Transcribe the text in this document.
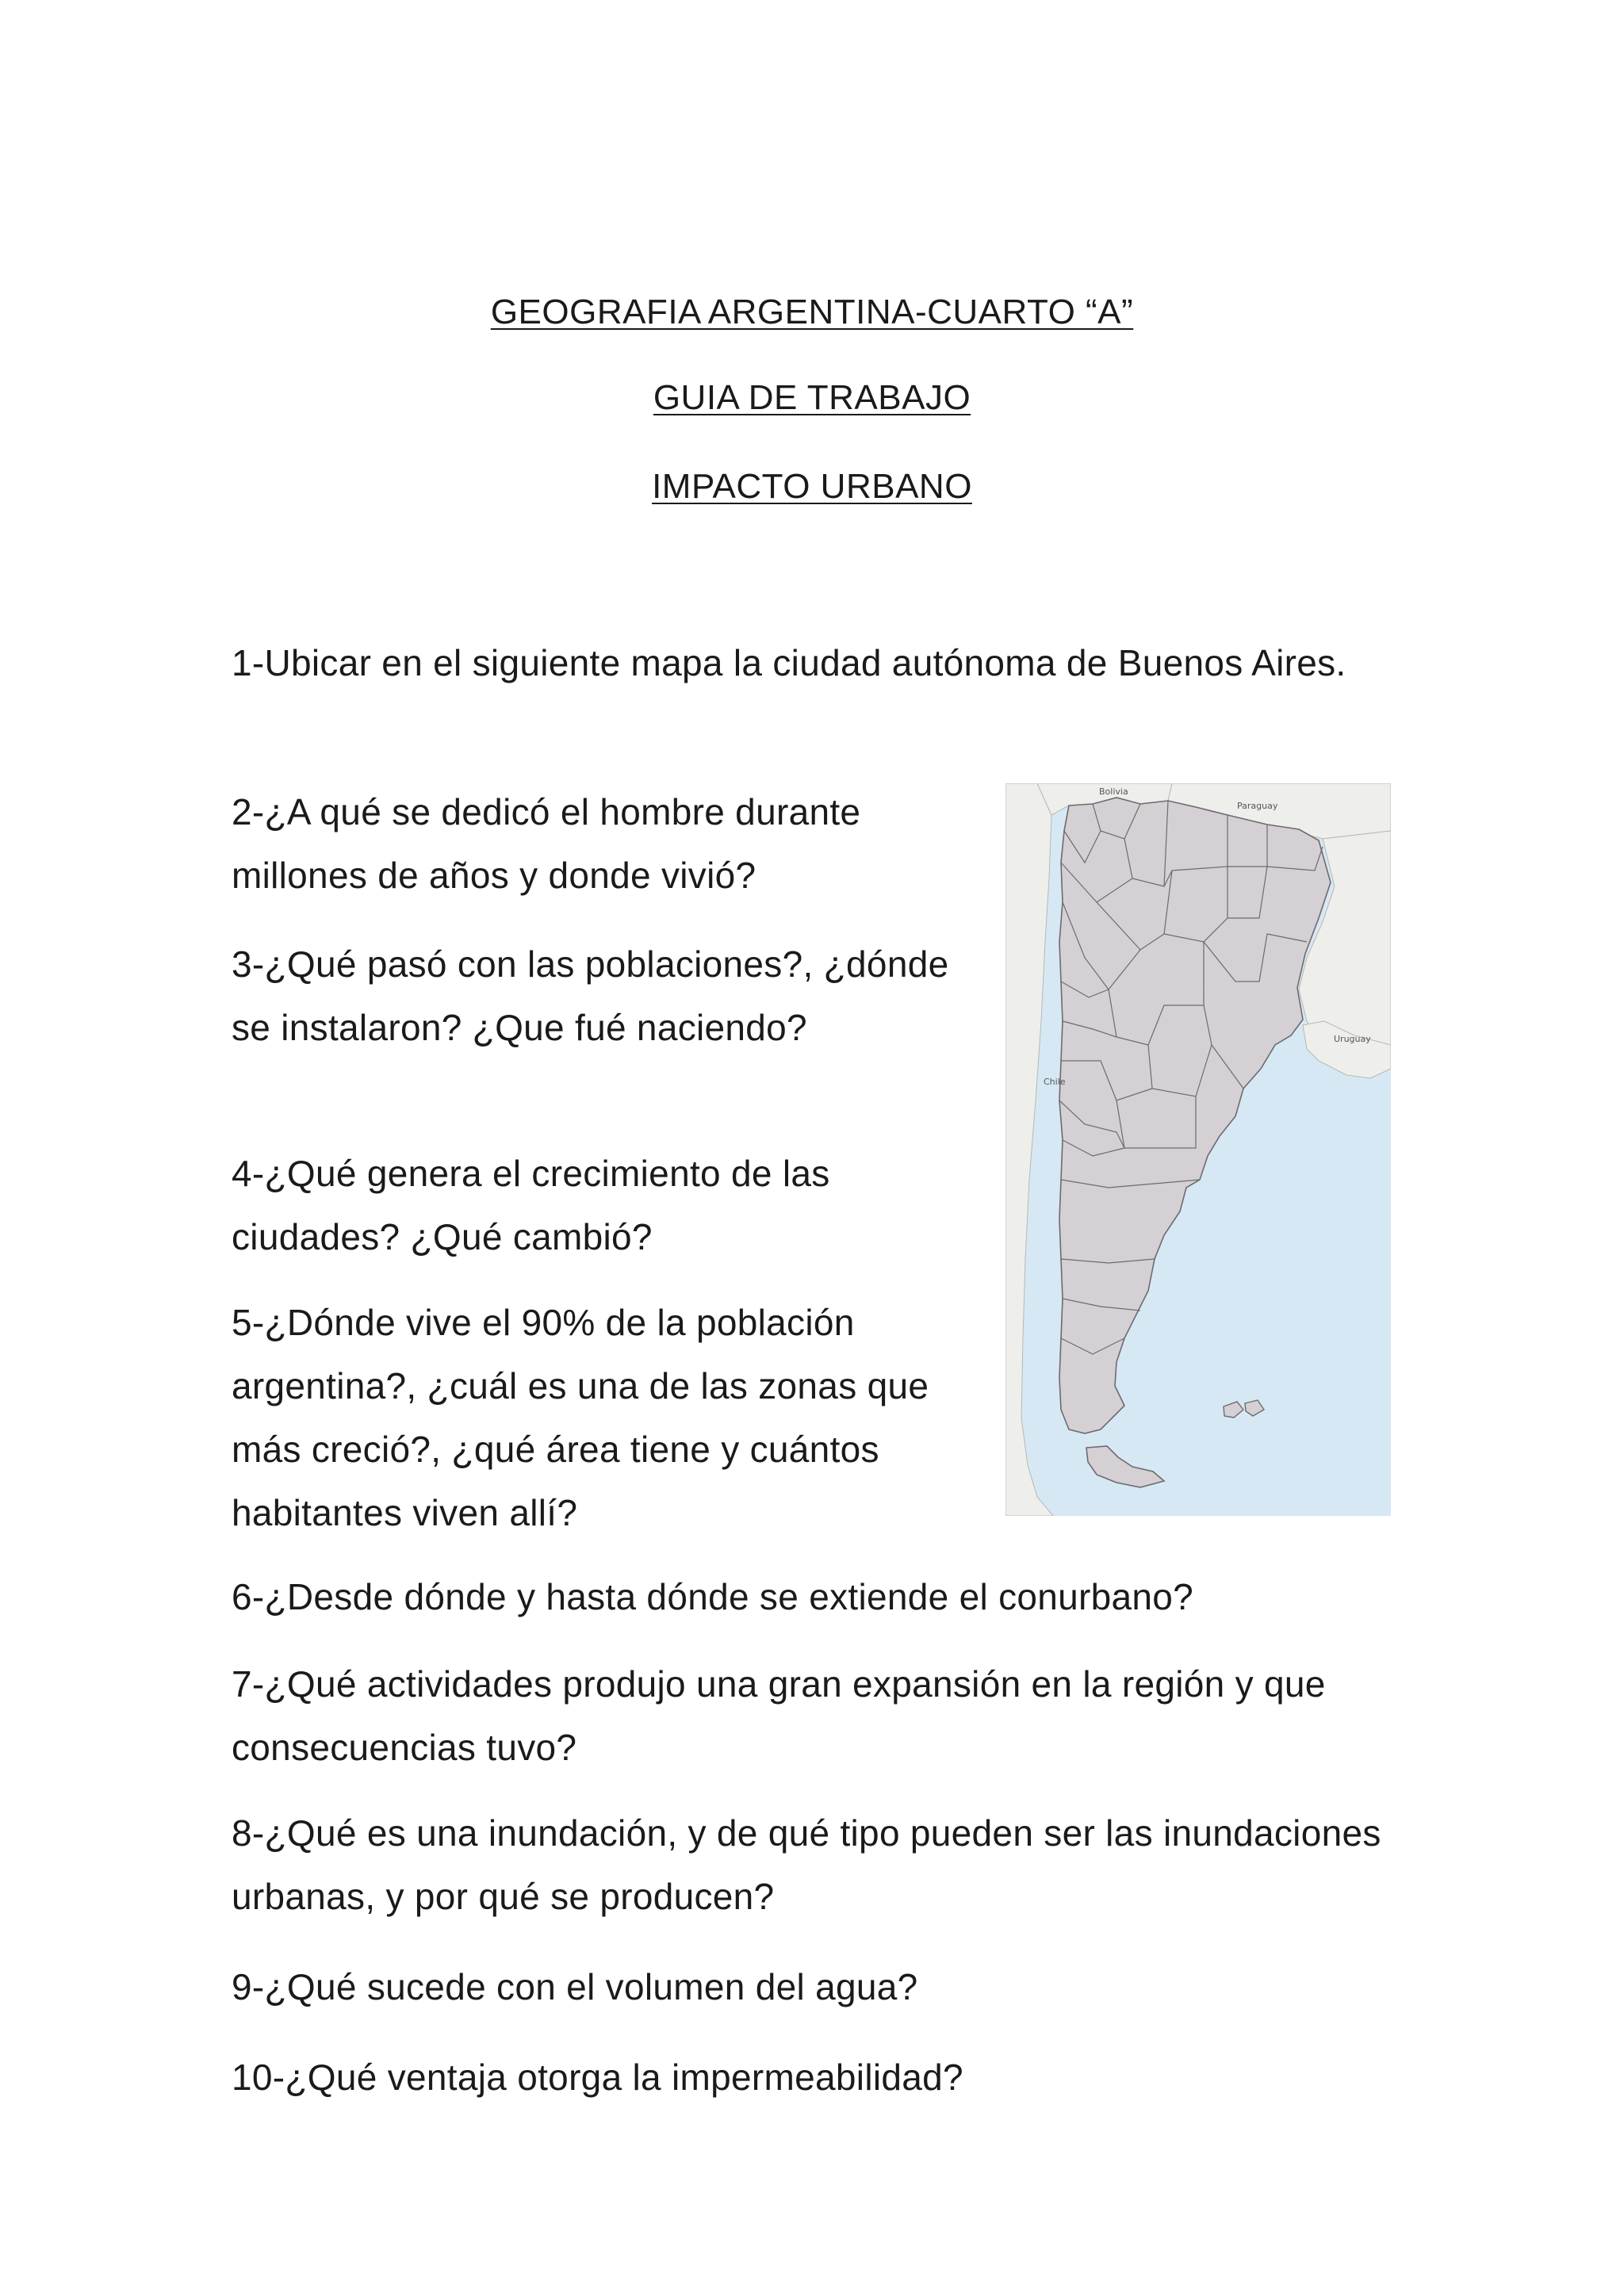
GEOGRAFIA ARGENTINA-CUARTO “A”
GUIA DE TRABAJO
IMPACTO URBANO

1-Ubicar en el siguiente mapa la ciudad autónoma de Buenos Aires.

2-¿A qué se dedicó el hombre durante millones de años y donde vivió?

3-¿Qué pasó con las poblaciones?, ¿dónde se instalaron? ¿Que fué naciendo?

4-¿Qué genera el crecimiento de las ciudades? ¿Qué cambió?

5-¿Dónde vive el 90% de la población argentina?, ¿cuál es una de las zonas que más creció?, ¿qué área tiene y cuántos habitantes viven allí?

6-¿Desde dónde y hasta dónde se extiende el conurbano?

7-¿Qué actividades produjo una gran expansión en la región y que consecuencias tuvo?

8-¿Qué es una inundación, y de qué tipo pueden ser las inundaciones urbanas, y por qué se producen?

9-¿Qué sucede con el volumen del agua?

10-¿Qué ventaja otorga la impermeabilidad?

Bolivia
Paraguay
Uruguay
Chile
